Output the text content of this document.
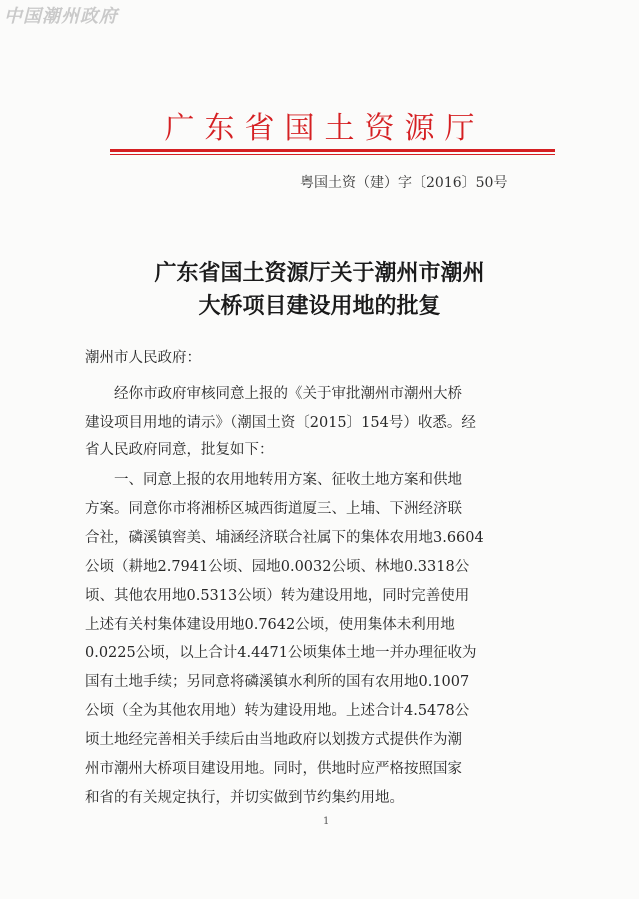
中国潮州政府
广东省国土资源厅
粤国土资（建）字〔2016〕50号
广东省国土资源厅关于潮州市潮州
大桥项目建设用地的批复
潮州市人民政府：
　　经你市政府审核同意上报的《关于审批潮州市潮州大桥
建设项目用地的请示》（潮国土资〔2015〕154号）收悉。经
省人民政府同意，批复如下：
　　一、同意上报的农用地转用方案、征收土地方案和供地
方案。同意你市将湘桥区城西街道厦三、上埔、下洲经济联
合社，磷溪镇窖美、埔涵经济联合社属下的集体农用地3.6604
公顷（耕地2.7941公顷、园地0.0032公顷、林地0.3318公
顷、其他农用地0.5313公顷）转为建设用地，同时完善使用
上述有关村集体建设用地0.7642公顷，使用集体未利用地
0.0225公顷，以上合计4.4471公顷集体土地一并办理征收为
国有土地手续；另同意将磷溪镇水利所的国有农用地0.1007
公顷（全为其他农用地）转为建设用地。上述合计4.5478公
顷土地经完善相关手续后由当地政府以划拨方式提供作为潮
州市潮州大桥项目建设用地。同时，供地时应严格按照国家
和省的有关规定执行，并切实做到节约集约用地。
1
